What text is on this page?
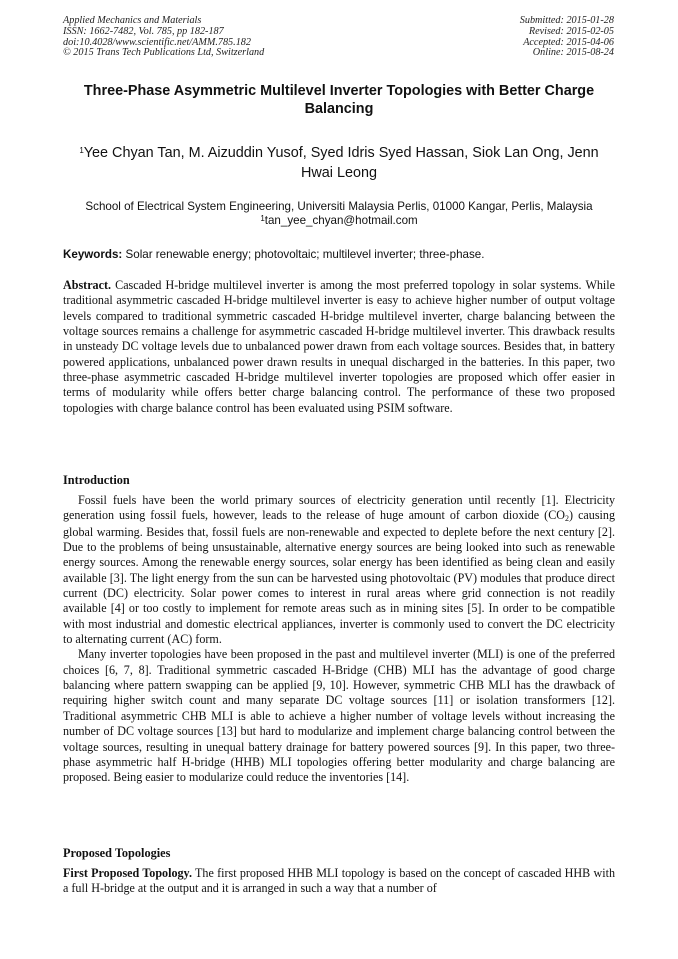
Applied Mechanics and Materials
ISSN: 1662-7482, Vol. 785, pp 182-187
doi:10.4028/www.scientific.net/AMM.785.182
© 2015 Trans Tech Publications Ltd, Switzerland
Submitted: 2015-01-28
Revised: 2015-02-05
Accepted: 2015-04-06
Online: 2015-08-24
Three-Phase Asymmetric Multilevel Inverter Topologies with Better Charge Balancing
$^1$Yee Chyan Tan, M. Aizuddin Yusof, Syed Idris Syed Hassan, Siok Lan Ong, Jenn Hwai Leong
School of Electrical System Engineering, Universiti Malaysia Perlis, 01000 Kangar, Perlis, Malaysia
$^1$tan_yee_chyan@hotmail.com
Keywords: Solar renewable energy; photovoltaic; multilevel inverter; three-phase.

Abstract. Cascaded H-bridge multilevel inverter is among the most preferred topology in solar systems. While traditional asymmetric cascaded H-bridge multilevel inverter is easy to achieve higher number of output voltage levels compared to traditional symmetric cascaded H-bridge multilevel inverter, charge balancing between the voltage sources remains a challenge for asymmetric cascaded H-bridge multilevel inverter. This drawback results in unsteady DC voltage levels due to unbalanced power drawn from each voltage sources. Besides that, in battery powered applications, unbalanced power drawn results in unequal discharged in the batteries. In this paper, two three-phase asymmetric cascaded H-bridge multilevel inverter topologies are proposed which offer easier in terms of modularity while offers better charge balancing control. The performance of these two proposed topologies with charge balance control has been evaluated using PSIM software.

Introduction

Fossil fuels have been the world primary sources of electricity generation until recently [1]. Electricity generation using fossil fuels, however, leads to the release of huge amount of carbon dioxide $(CO_2)$ causing global warming. Besides that, fossil fuels are non-renewable and expected to deplete before the next century [2]. Due to the problems of being unsustainable, alternative energy sources are being looked into such as renewable energy sources. Among the renewable energy sources, solar energy has been identified as being clean and easily available [3]. The light energy from the sun can be harvested using photovoltaic (PV) modules that produce direct current (DC) electricity. Solar power comes to interest in rural areas where grid connection is not readily available [4] or too costly to implement for remote areas such as in mining sites [5]. In order to be compatible with most industrial and domestic electrical appliances, inverter is commonly used to convert the DC electricity to alternating current (AC) form.

Many inverter topologies have been proposed in the past and multilevel inverter (MLI) is one of the preferred choices [6, 7, 8]. Traditional symmetric cascaded H-Bridge (CHB) MLI has the advantage of good charge balancing where pattern swapping can be applied [9, 10]. However, symmetric CHB MLI has the drawback of requiring higher switch count and many separate DC voltage sources [11] or isolation transformers [12]. Traditional asymmetric CHB MLI is able to achieve a higher number of voltage levels without increasing the number of DC voltage sources [13] but hard to modularize and implement charge balancing control between the voltage sources, resulting in unequal battery drainage for battery powered sources [9]. In this paper, two three-phase asymmetric half H-bridge (HHB) MLI topologies offering better modularity and charge balancing are proposed. Being easier to modularize could reduce the inventories [14].

Proposed Topologies

First Proposed Topology. The first proposed HHB MLI topology is based on the concept of cascaded HHB with a full H-bridge at the output and it is arranged in such a way that a number of
